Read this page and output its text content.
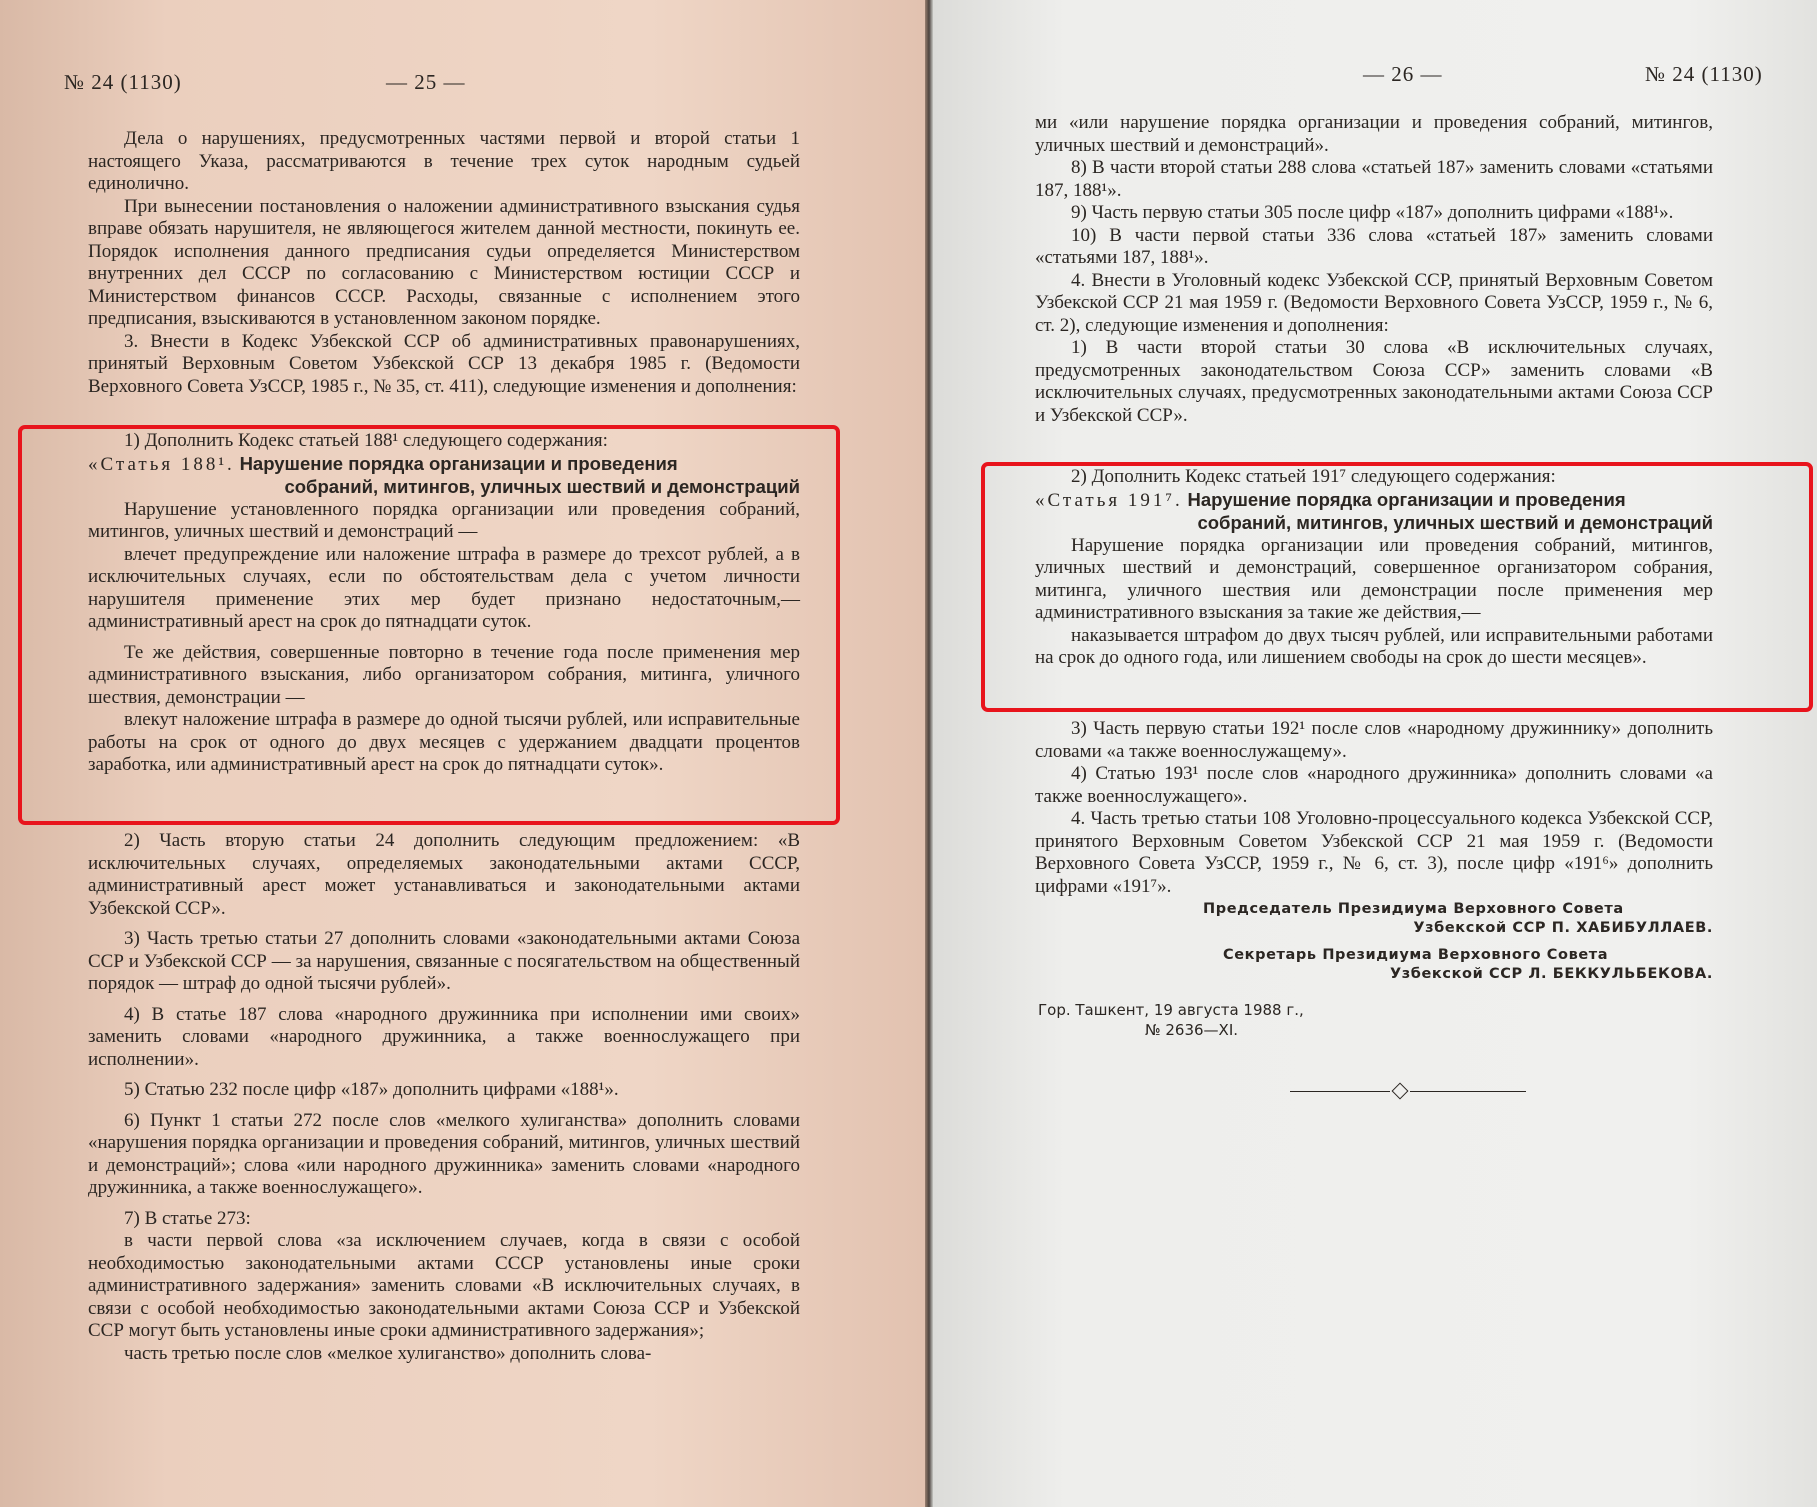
№ 24 (1130)	— 25 —

Дела о нарушениях, предусмотренных частями первой и второй статьи 1 настоящего Указа, рассматриваются в течение трех суток народным судьей единолично.

При вынесении постановления о наложении административного взыскания судья вправе обязать нарушителя, не являющегося жителем данной местности, покинуть ее. Порядок исполнения данного предписания судьи определяется Министерством внутренних дел СССР по согласованию с Министерством юстиции СССР и Министерством финансов СССР. Расходы, связанные с исполнением этого предписания, взыскиваются в установленном законом порядке.

3. Внести в Кодекс Узбекской ССР об административных правонарушениях, принятый Верховным Советом Узбекской ССР 13 декабря 1985 г. (Ведомости Верховного Совета УзССР, 1985 г., № 35, ст. 411), следующие изменения и дополнения:

1) Дополнить Кодекс статьей 188¹ следующего содержания:

«Статья 188¹. Нарушение порядка организации и проведения
собраний, митингов, уличных шествий и демонстраций

Нарушение установленного порядка организации или проведения собраний, митингов, уличных шествий и демонстраций —

влечет предупреждение или наложение штрафа в размере до трехсот рублей, а в исключительных случаях, если по обстоятельствам дела с учетом личности нарушителя применение этих мер будет признано недостаточным,— административный арест на срок до пятнадцати суток.

Те же действия, совершенные повторно в течение года после применения мер административного взыскания, либо организатором собрания, митинга, уличного шествия, демонстрации —

влекут наложение штрафа в размере до одной тысячи рублей, или исправительные работы на срок от одного до двух месяцев с удержанием двадцати процентов заработка, или административный арест на срок до пятнадцати суток».

2) Часть вторую статьи 24 дополнить следующим предложением: «В исключительных случаях, определяемых законодательными актами СССР, административный арест может устанавливаться и законодательными актами Узбекской ССР».

3) Часть третью статьи 27 дополнить словами «законодательными актами Союза ССР и Узбекской ССР — за нарушения, связанные с посягательством на общественный порядок — штраф до одной тысячи рублей».

4) В статье 187 слова «народного дружинника при исполнении ими своих» заменить словами «народного дружинника, а также военнослужащего при исполнении».

5) Статью 232 после цифр «187» дополнить цифрами «188¹».

6) Пункт 1 статьи 272 после слов «мелкого хулиганства» дополнить словами «нарушения порядка организации и проведения собраний, митингов, уличных шествий и демонстраций»; слова «или народного дружинника» заменить словами «народного дружинника, а также военнослужащего».

7) В статье 273:

в части первой слова «за исключением случаев, когда в связи с особой необходимостью законодательными актами СССР установлены иные сроки административного задержания» заменить словами «В исключительных случаях, в связи с особой необходимостью законодательными актами Союза ССР и Узбекской ССР могут быть установлены иные сроки административного задержания»;

часть третью после слов «мелкое хулиганство» дополнить слова-

— 26 —	№ 24 (1130)

ми «или нарушение порядка организации и проведения собраний, митингов, уличных шествий и демонстраций».

8) В части второй статьи 288 слова «статьей 187» заменить словами «статьями 187, 188¹».

9) Часть первую статьи 305 после цифр «187» дополнить цифрами «188¹».

10) В части первой статьи 336 слова «статьей 187» заменить словами «статьями 187, 188¹».

4. Внести в Уголовный кодекс Узбекской ССР, принятый Верховным Советом Узбекской ССР 21 мая 1959 г. (Ведомости Верховного Совета УзССР, 1959 г., № 6, ст. 2), следующие изменения и дополнения:

1) В части второй статьи 30 слова «В исключительных случаях, предусмотренных законодательством Союза ССР» заменить словами «В исключительных случаях, предусмотренных законодательными актами Союза ССР и Узбекской ССР».

2) Дополнить Кодекс статьей 191⁷ следующего содержания:

«Статья 191⁷. Нарушение порядка организации и проведения
собраний, митингов, уличных шествий и демонстраций

Нарушение порядка организации или проведения собраний, митингов, уличных шествий и демонстраций, совершенное организатором собрания, митинга, уличного шествия или демонстрации после применения мер административного взыскания за такие же действия,—

наказывается штрафом до двух тысяч рублей, или исправительными работами на срок до одного года, или лишением свободы на срок до шести месяцев».

3) Часть первую статьи 192¹ после слов «народному дружиннику» дополнить словами «а также военнослужащему».

4) Статью 193¹ после слов «народного дружинника» дополнить словами «а также военнослужащего».

4. Часть третью статьи 108 Уголовно-процессуального кодекса Узбекской ССР, принятого Верховным Советом Узбекской ССР 21 мая 1959 г. (Ведомости Верховного Совета УзССР, 1959 г., № 6, ст. 3), после цифр «191⁶» дополнить цифрами «191⁷».

Председатель Президиума Верховного Совета
Узбекской ССР П. ХАБИБУЛЛАЕВ.
Секретарь Президиума Верховного Совета
Узбекской ССР Л. БЕККУЛЬБЕКОВА.
Гор. Ташкент, 19 августа 1988 г.,
№ 2636—XI.
